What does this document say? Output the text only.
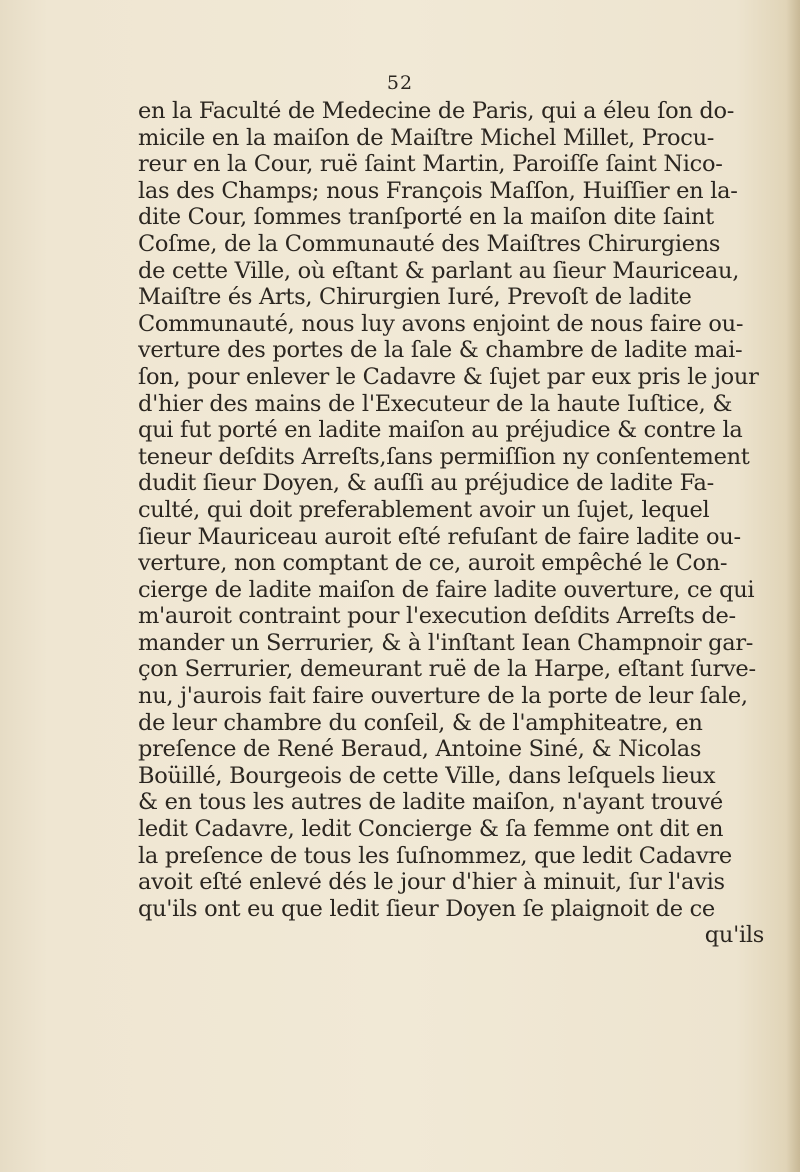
52
en la Faculté de Medecine de Paris, qui a éleu ſon do-
micile en la maiſon de Maiſtre Michel Millet, Procu-
reur en la Cour, ruë ſaint Martin, Paroiſſe ſaint Nico-
las des Champs; nous François Maſſon, Huiſſier en la-
dite Cour, ſommes tranſporté en la maiſon dite ſaint
Coſme, de la Communauté des Maiſtres Chirurgiens
de cette Ville, où eſtant & parlant au ſieur Mauriceau,
Maiſtre és Arts, Chirurgien Iuré, Prevoſt de ladite
Communauté, nous luy avons enjoint de nous faire ou-
verture des portes de la ſale & chambre de ladite mai-
ſon, pour enlever le Cadavre & ſujet par eux pris le jour
d'hier des mains de l'Executeur de la haute Iuſtice, &
qui fut porté en ladite maiſon au préjudice & contre la
teneur deſdits Arreſts,ſans permiſſion ny conſentement
dudit ſieur Doyen, & auſſi au préjudice de ladite Fa-
culté, qui doit preferablement avoir un ſujet, lequel
ſieur Mauriceau auroit eſté refuſant de faire ladite ou-
verture, non comptant de ce, auroit empêché le Con-
cierge de ladite maiſon de faire ladite ouverture, ce qui
m'auroit contraint pour l'execution deſdits Arreſts de-
mander un Serrurier, & à l'inſtant Iean Champnoir gar-
çon Serrurier, demeurant ruë de la Harpe, eſtant ſurve-
nu, j'aurois fait faire ouverture de la porte de leur ſale,
de leur chambre du conſeil, & de l'amphiteatre, en
preſence de René Beraud, Antoine Siné, & Nicolas
Boüillé, Bourgeois de cette Ville, dans leſquels lieux
& en tous les autres de ladite maiſon, n'ayant trouvé
ledit Cadavre, ledit Concierge & ſa femme ont dit en
la preſence de tous les ſuſnommez, que ledit Cadavre
avoit eſté enlevé dés le jour d'hier à minuit, ſur l'avis
qu'ils ont eu que ledit ſieur Doyen ſe plaignoit de ce
qu'ils
